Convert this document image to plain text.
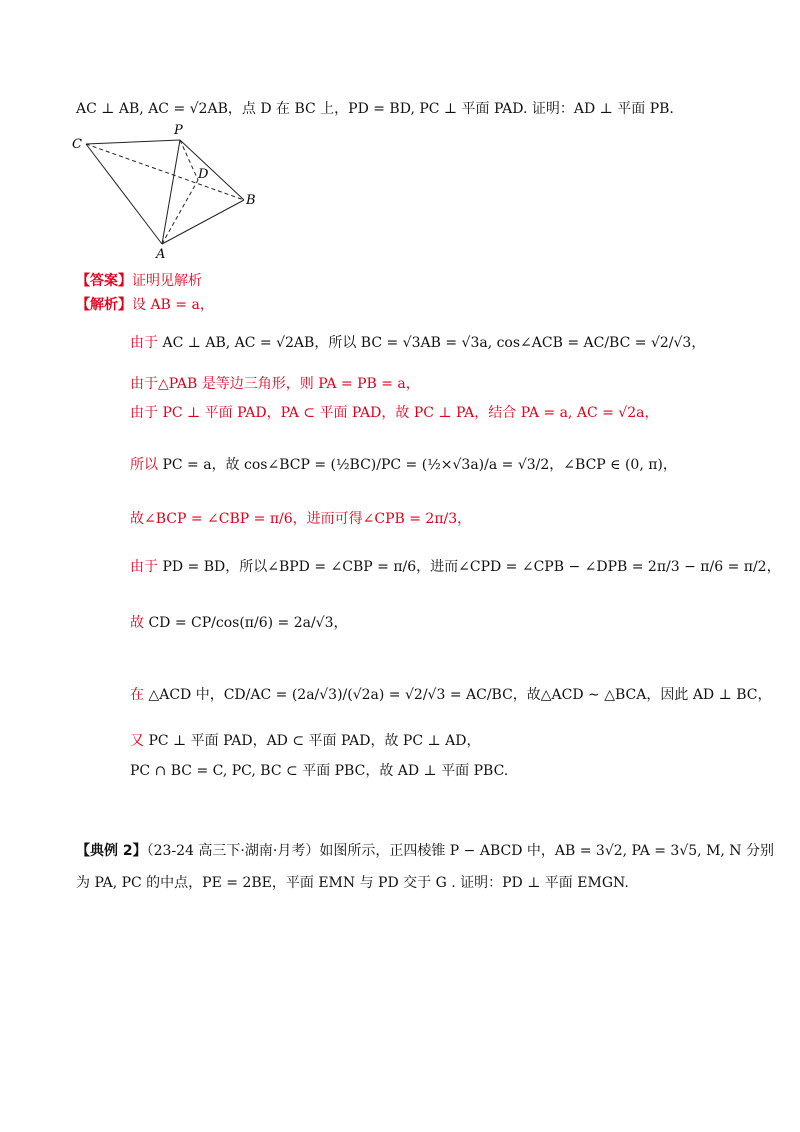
AC ⊥ AB, AC = √2AB，点 D 在 BC 上，PD = BD, PC ⊥ 平面 PAD. 证明：AD ⊥ 平面 PB.
C
P
D
B
A
【答案】证明见解析
【解析】设 AB = a，
由于 AC ⊥ AB, AC = √2AB，所以 BC = √3AB = √3a, cos∠ACB = AC/BC = √2/√3，
由于△PAB 是等边三角形，则 PA = PB = a，
由于 PC ⊥ 平面 PAD，PA ⊂ 平面 PAD，故 PC ⊥ PA，结合 PA = a, AC = √2a，
所以 PC = a，故 cos∠BCP = (½BC)/PC = (½×√3a)/a = √3/2，∠BCP ∈ (0, π)，
故∠BCP = ∠CBP = π/6，进而可得∠CPB = 2π/3，
由于 PD = BD，所以∠BPD = ∠CBP = π/6，进而∠CPD = ∠CPB − ∠DPB = 2π/3 − π/6 = π/2，
故 CD = CP/cos(π/6) = 2a/√3，
在 △ACD 中，CD/AC = (2a/√3)/(√2a) = √2/√3 = AC/BC，故△ACD ∼ △BCA，因此 AD ⊥ BC，
又 PC ⊥ 平面 PAD，AD ⊂ 平面 PAD，故 PC ⊥ AD，
PC ∩ BC = C, PC, BC ⊂ 平面 PBC，故 AD ⊥ 平面 PBC.
【典例 2】（23-24 高三下·湖南·月考）如图所示，正四棱锥 P − ABCD 中，AB = 3√2, PA = 3√5, M, N 分别
为 PA, PC 的中点，PE = 2BE，平面 EMN 与 PD 交于 G . 证明：PD ⊥ 平面 EMGN.
